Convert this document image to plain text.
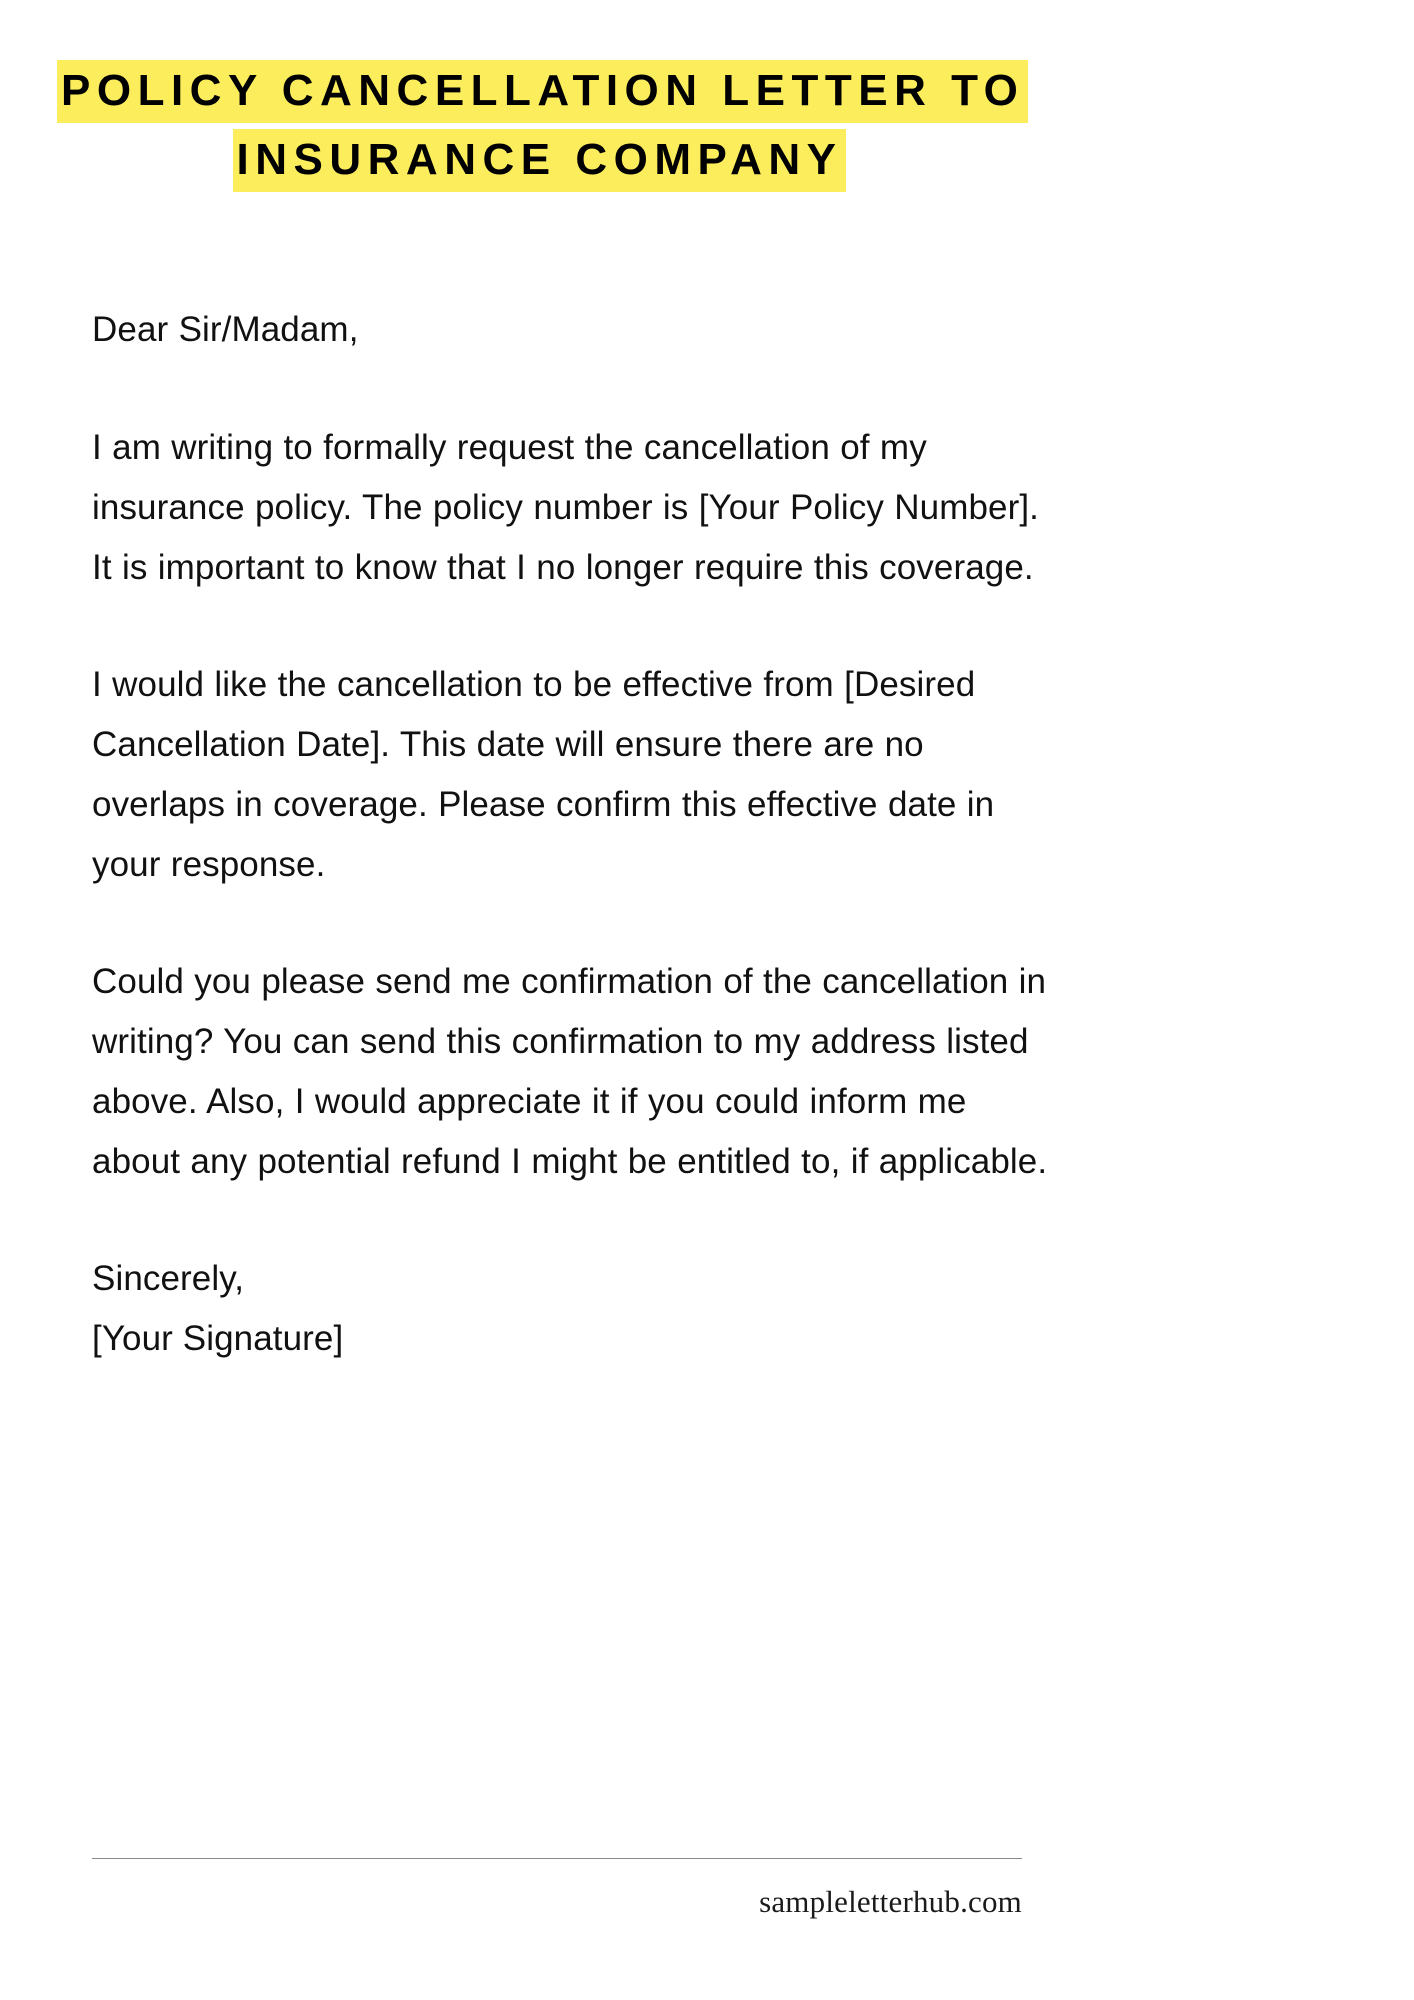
POLICY CANCELLATION LETTER TO
INSURANCE COMPANY

Dear Sir/Madam,

I am writing to formally request the cancellation of my insurance policy. The policy number is [Your Policy Number]. It is important to know that I no longer require this coverage.

I would like the cancellation to be effective from [Desired Cancellation Date]. This date will ensure there are no overlaps in coverage. Please confirm this effective date in your response.

Could you please send me confirmation of the cancellation in writing? You can send this confirmation to my address listed above. Also, I would appreciate it if you could inform me about any potential refund I might be entitled to, if applicable.

Sincerely,

[Your Signature]

sampleletterhub.com
